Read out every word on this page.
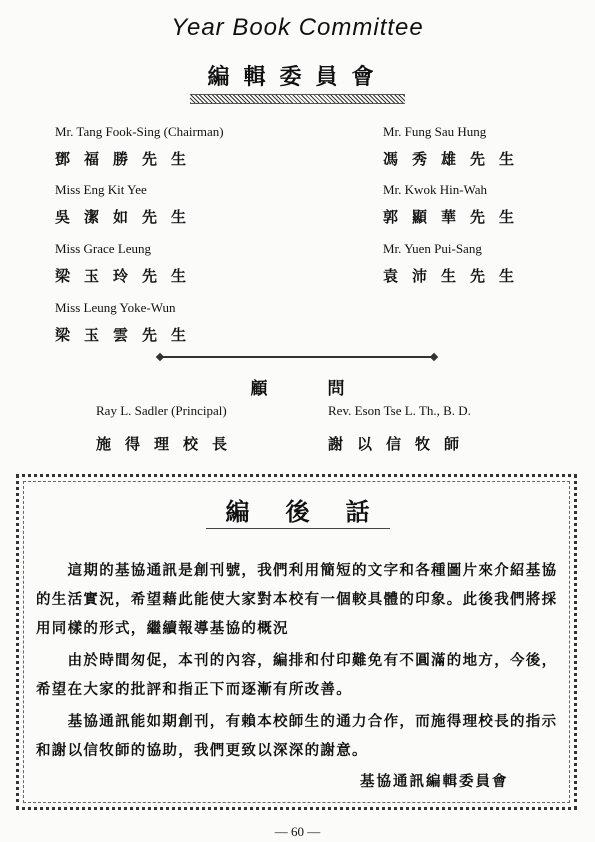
Year Book Committee
編輯委員會
Mr. Tang Fook-Sing (Chairman)
鄧福勝先生
Mr. Fung Sau Hung
馮秀雄先生
Miss Eng Kit Yee
吳潔如先生
Mr. Kwok Hin-Wah
郭顯華先生
Miss Grace Leung
梁玉玲先生
Mr. Yuen Pui-Sang
袁沛生先生
Miss Leung Yoke-Wun
梁玉雲先生
顧問
Ray L. Sadler (Principal)
施得理校長
Rev. Eson Tse L. Th., B. D.
謝以信牧師
編後話
　　這期的基協通訊是創刊號，我們利用簡短的文字和各種圖片來介紹基協的生活實況，希望藉此能使大家對本校有一個較具體的印象。此後我們將採用同樣的形式，繼續報導基協的概況
　　由於時間匆促，本刊的內容，編排和付印難免有不圓滿的地方，今後，希望在大家的批評和指正下而逐漸有所改善。
　　基協通訊能如期創刊，有賴本校師生的通力合作，而施得理校長的指示和謝以信牧師的協助，我們更致以深深的謝意。
基協通訊編輯委員會
— 60 —
